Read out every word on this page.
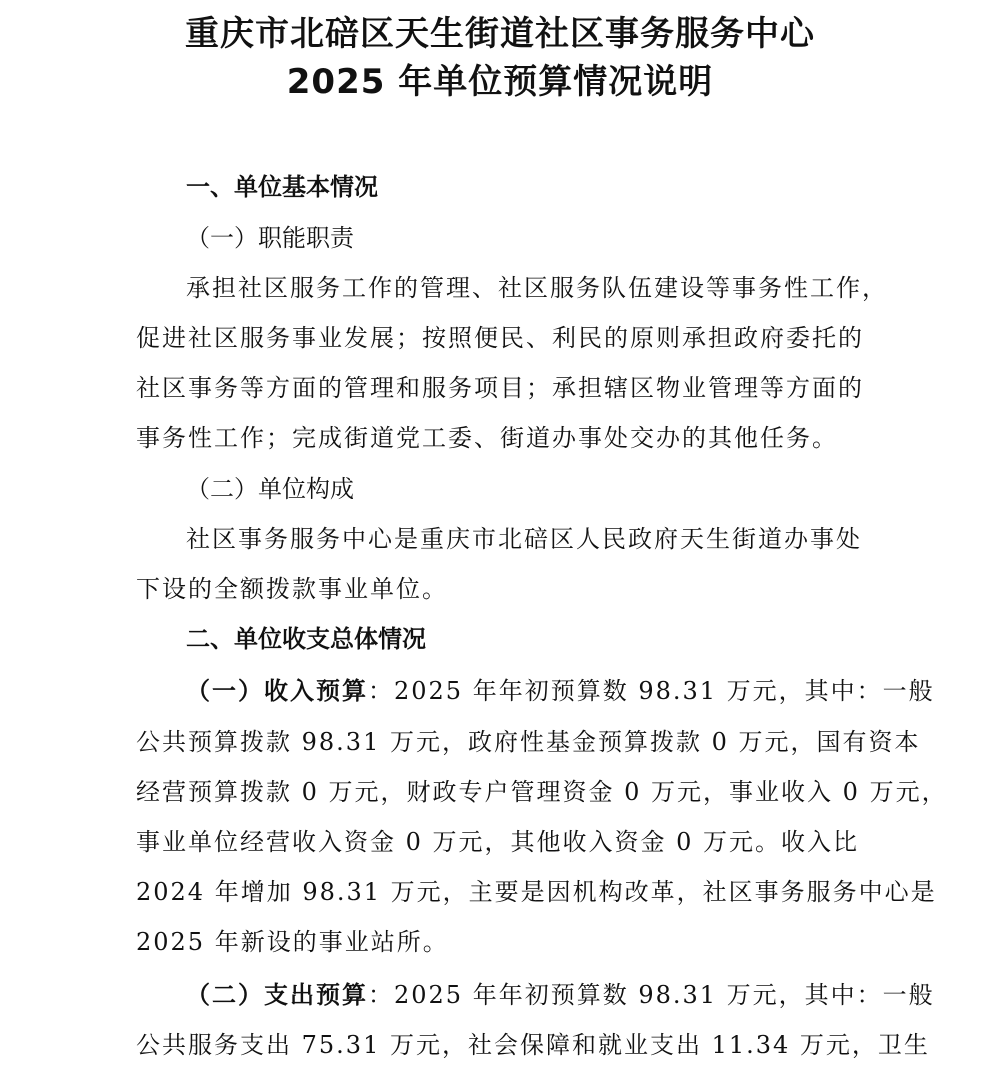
重庆市北碚区天生街道社区事务服务中心
2025 年单位预算情况说明
一、单位基本情况
（一）职能职责
承担社区服务工作的管理、社区服务队伍建设等事务性工作，
促进社区服务事业发展；按照便民、利民的原则承担政府委托的
社区事务等方面的管理和服务项目；承担辖区物业管理等方面的
事务性工作；完成街道党工委、街道办事处交办的其他任务。
（二）单位构成
社区事务服务中心是重庆市北碚区人民政府天生街道办事处
下设的全额拨款事业单位。
二、单位收支总体情况
（一）收入预算：2025 年年初预算数 98.31 万元，其中：一般
公共预算拨款 98.31 万元，政府性基金预算拨款 0 万元，国有资本
经营预算拨款 0 万元，财政专户管理资金 0 万元，事业收入 0 万元，
事业单位经营收入资金 0 万元，其他收入资金 0 万元。收入比
2024 年增加 98.31 万元，主要是因机构改革，社区事务服务中心是
2025 年新设的事业站所。
（二）支出预算：2025 年年初预算数 98.31 万元，其中：一般
公共服务支出 75.31 万元，社会保障和就业支出 11.34 万元，卫生
